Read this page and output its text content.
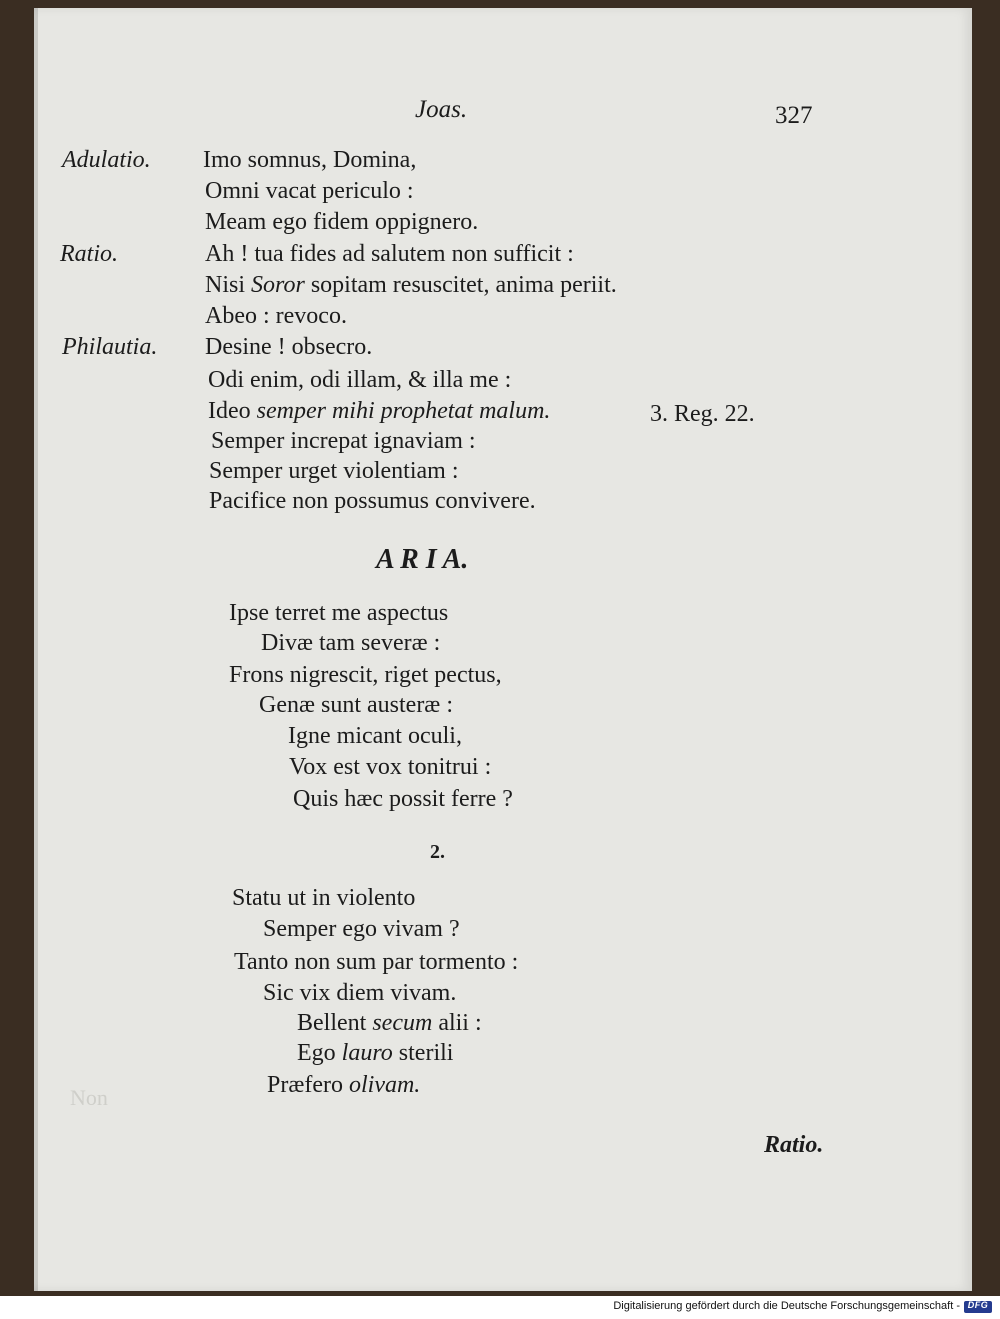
Joas.	327
Adulatio. Imo somnus, Domina,
Omni vacat periculo :
Meam ego fidem oppignero.
Ratio.	Ah ! tua fides ad salutem non sufficit :
Nisi Soror sopitam resuscitet, anima periit.
Abeo : revoco.
Philautia. Desine ! obsecro.
Odi enim, odi illam, & illa me :
Ideo semper mihi prophetat malum.	3. Reg. 22.
Semper increpat ignaviam :
Semper urget violentiam :
Pacifice non possumus convivere.
A R I A.
Ipse terret me aspectus
Divæ tam severæ :
Frons nigrescit, riget pectus,
Genæ sunt austeræ :
Igne micant oculi,
Vox est vox tonitrui :
Quis hæc possit ferre ?
2.
Statu ut in violento
Semper ego vivam ?
Tanto non sum par tormento :
Sic vix diem vivam.
Bellent secum alii :
Ego lauro sterili
Præfero olivam.
Non
Ratio.
Digitalisierung gefördert durch die Deutsche Forschungsgemeinschaft - DFG
